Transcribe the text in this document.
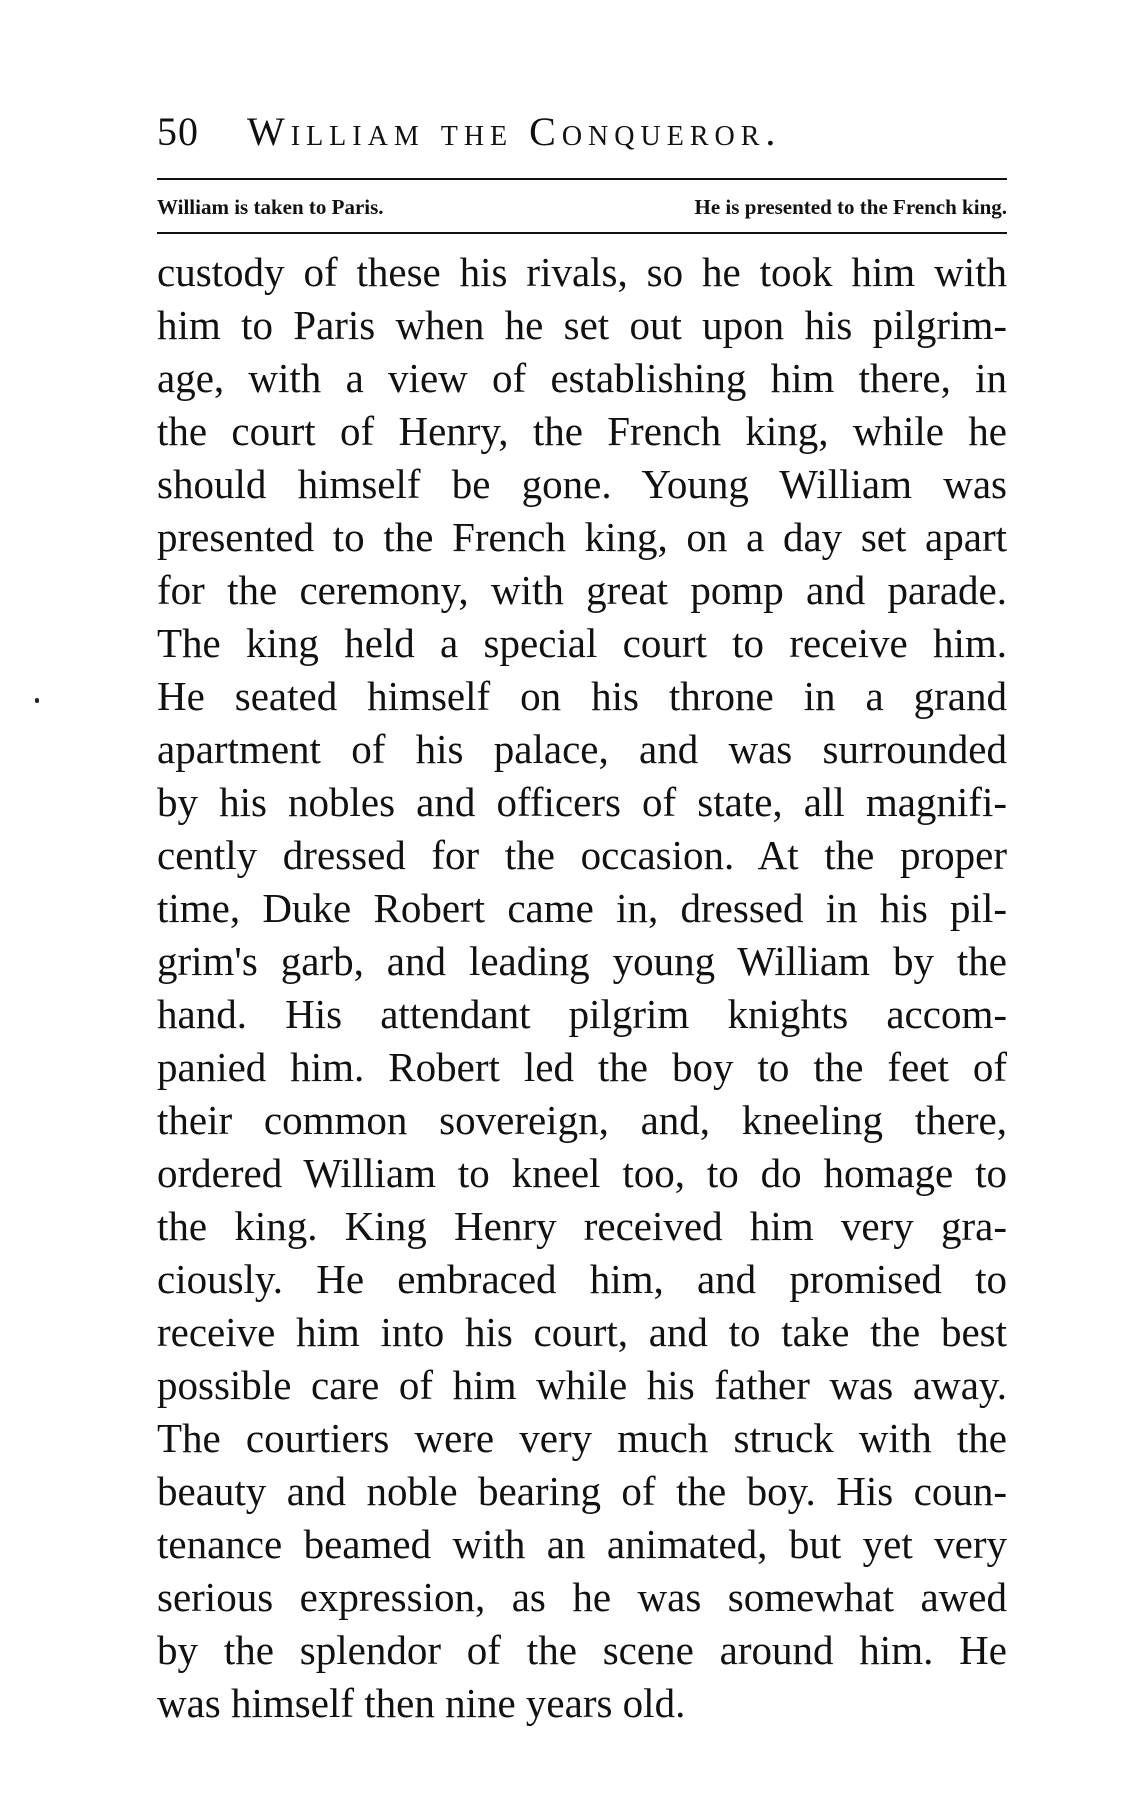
50 William the Conqueror.
William is taken to Paris.	He is presented to the French king.
custody of these his rivals, so he took him with
him to Paris when he set out upon his pilgrim-
age, with a view of establishing him there, in
the court of Henry, the French king, while he
should himself be gone. Young William was
presented to the French king, on a day set apart
for the ceremony, with great pomp and parade.
The king held a special court to receive him.
He seated himself on his throne in a grand
apartment of his palace, and was surrounded
by his nobles and officers of state, all magnifi-
cently dressed for the occasion. At the proper
time, Duke Robert came in, dressed in his pil-
grim's garb, and leading young William by the
hand. His attendant pilgrim knights accom-
panied him. Robert led the boy to the feet of
their common sovereign, and, kneeling there,
ordered William to kneel too, to do homage to
the king. King Henry received him very gra-
ciously. He embraced him, and promised to
receive him into his court, and to take the best
possible care of him while his father was away.
The courtiers were very much struck with the
beauty and noble bearing of the boy. His coun-
tenance beamed with an animated, but yet very
serious expression, as he was somewhat awed
by the splendor of the scene around him. He
was himself then nine years old.
